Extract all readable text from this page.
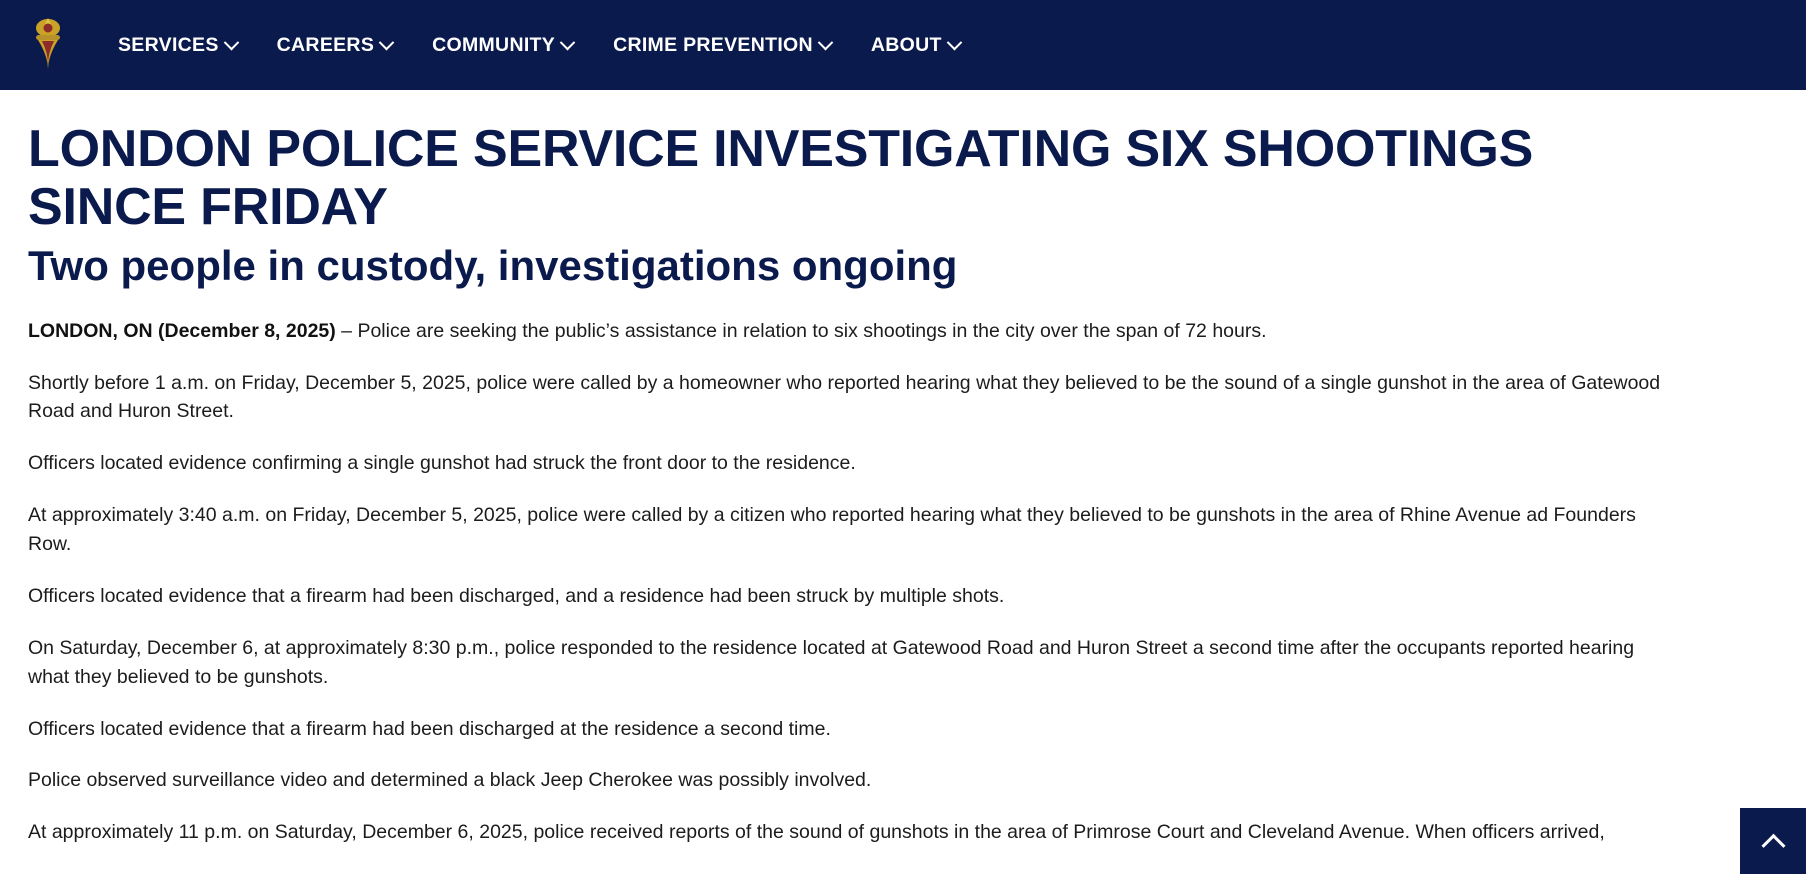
SERVICES	CAREERS	COMMUNITY	CRIME PREVENTION	ABOUT
LONDON POLICE SERVICE INVESTIGATING SIX SHOOTINGS SINCE FRIDAY
Two people in custody, investigations ongoing

LONDON, ON (December 8, 2025) – Police are seeking the public’s assistance in relation to six shootings in the city over the span of 72 hours.

Shortly before 1 a.m. on Friday, December 5, 2025, police were called by a homeowner who reported hearing what they believed to be the sound of a single gunshot in the area of Gatewood Road and Huron Street.

Officers located evidence confirming a single gunshot had struck the front door to the residence.

At approximately 3:40 a.m. on Friday, December 5, 2025, police were called by a citizen who reported hearing what they believed to be gunshots in the area of Rhine Avenue ad Founders Row.

Officers located evidence that a firearm had been discharged, and a residence had been struck by multiple shots.

On Saturday, December 6, at approximately 8:30 p.m., police responded to the residence located at Gatewood Road and Huron Street a second time after the occupants reported hearing what they believed to be gunshots.

Officers located evidence that a firearm had been discharged at the residence a second time.

Police observed surveillance video and determined a black Jeep Cherokee was possibly involved.

At approximately 11 p.m. on Saturday, December 6, 2025, police received reports of the sound of gunshots in the area of Primrose Court and Cleveland Avenue. When officers arrived,
